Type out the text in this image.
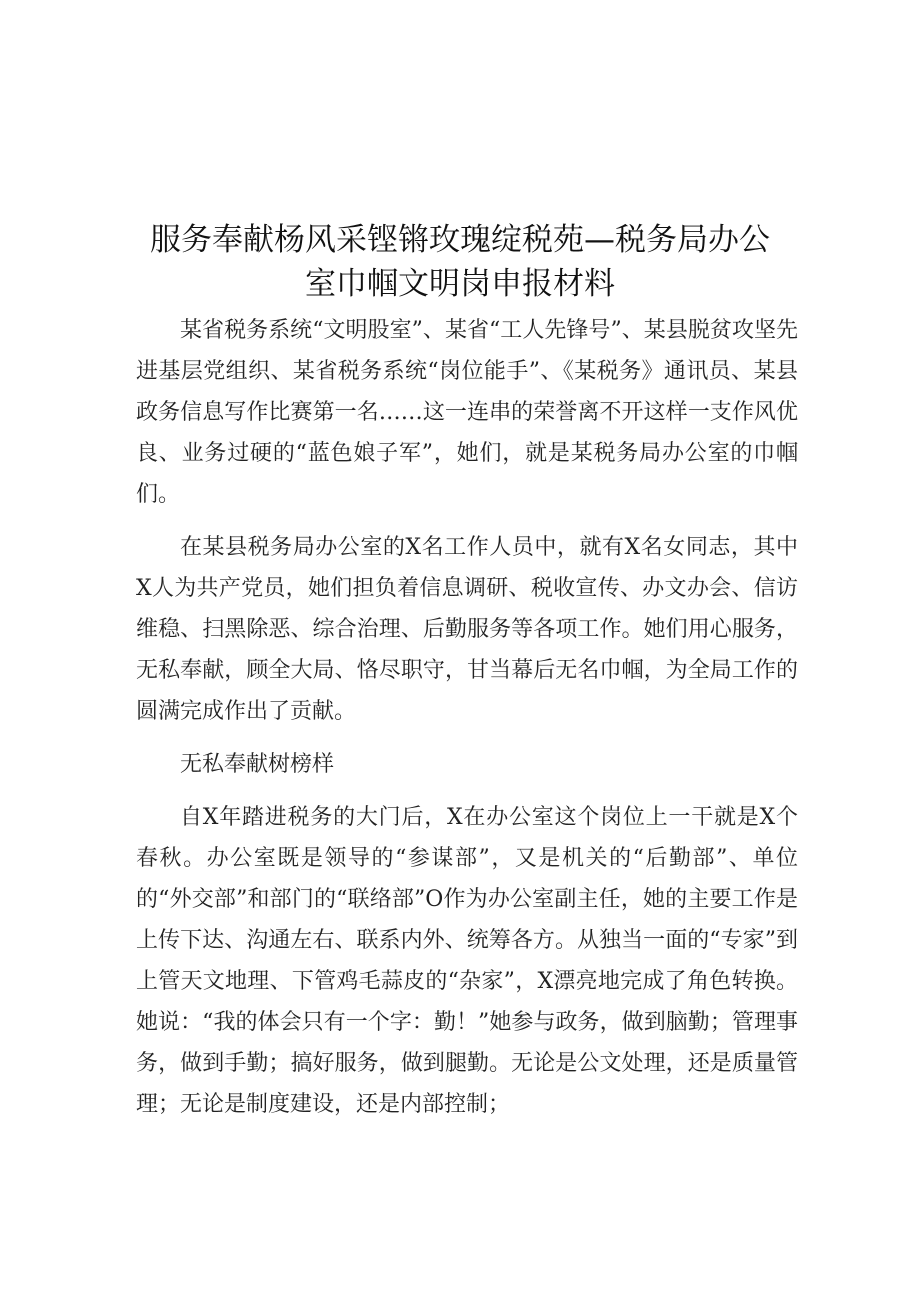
服务奉献杨风采铿锵玫瑰绽税苑—税务局办公
室巾帼文明岗申报材料

某省税务系统“文明股室”、某省“工人先锋号”、某县脱贫攻坚先进基层党组织、某省税务系统“岗位能手”、《某税务》通讯员、某县政务信息写作比赛第一名……这一连串的荣誉离不开这样一支作风优良、业务过硬的“蓝色娘子军”，她们，就是某税务局办公室的巾帼们。

在某县税务局办公室的X名工作人员中，就有X名女同志，其中X人为共产党员，她们担负着信息调研、税收宣传、办文办会、信访维稳、扫黑除恶、综合治理、后勤服务等各项工作。她们用心服务，无私奉献，顾全大局、恪尽职守，甘当幕后无名巾帼，为全局工作的圆满完成作出了贡献。

无私奉献树榜样

自X年踏进税务的大门后，X在办公室这个岗位上一干就是X个春秋。办公室既是领导的“参谋部”，又是机关的“后勤部”、单位的“外交部”和部门的“联络部”O作为办公室副主任，她的主要工作是上传下达、沟通左右、联系内外、统筹各方。从独当一面的“专家”到上管天文地理、下管鸡毛蒜皮的“杂家”，X漂亮地完成了角色转换。她说：“我的体会只有一个字：勤！”她参与政务，做到脑勤；管理事务，做到手勤；搞好服务，做到腿勤。无论是公文处理，还是质量管理；无论是制度建设，还是内部控制；
